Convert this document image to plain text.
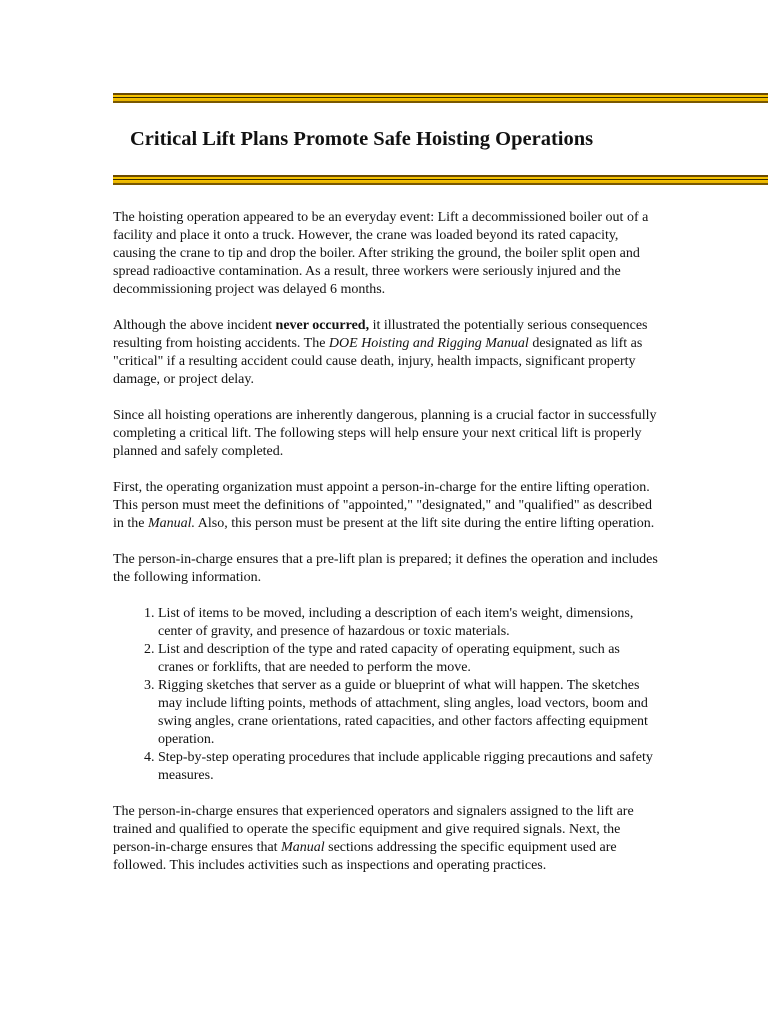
Critical Lift Plans Promote Safe Hoisting Operations

The hoisting operation appeared to be an everyday event: Lift a decommissioned boiler out of a facility and place it onto a truck. However, the crane was loaded beyond its rated capacity, causing the crane to tip and drop the boiler. After striking the ground, the boiler split open and spread radioactive contamination. As a result, three workers were seriously injured and the decommissioning project was delayed 6 months.

Although the above incident never occurred, it illustrated the potentially serious consequences resulting from hoisting accidents. The DOE Hoisting and Rigging Manual designated as lift as "critical" if a resulting accident could cause death, injury, health impacts, significant property damage, or project delay.

Since all hoisting operations are inherently dangerous, planning is a crucial factor in successfully completing a critical lift. The following steps will help ensure your next critical lift is properly planned and safely completed.

First, the operating organization must appoint a person-in-charge for the entire lifting operation. This person must meet the definitions of "appointed," "designated," and "qualified" as described in the Manual. Also, this person must be present at the lift site during the entire lifting operation.

The person-in-charge ensures that a pre-lift plan is prepared; it defines the operation and includes the following information.

1. List of items to be moved, including a description of each item's weight, dimensions, center of gravity, and presence of hazardous or toxic materials.
2. List and description of the type and rated capacity of operating equipment, such as cranes or forklifts, that are needed to perform the move.
3. Rigging sketches that server as a guide or blueprint of what will happen. The sketches may include lifting points, methods of attachment, sling angles, load vectors, boom and swing angles, crane orientations, rated capacities, and other factors affecting equipment operation.
4. Step-by-step operating procedures that include applicable rigging precautions and safety measures.

The person-in-charge ensures that experienced operators and signalers assigned to the lift are trained and qualified to operate the specific equipment and give required signals. Next, the person-in-charge ensures that Manual sections addressing the specific equipment used are followed. This includes activities such as inspections and operating practices.
